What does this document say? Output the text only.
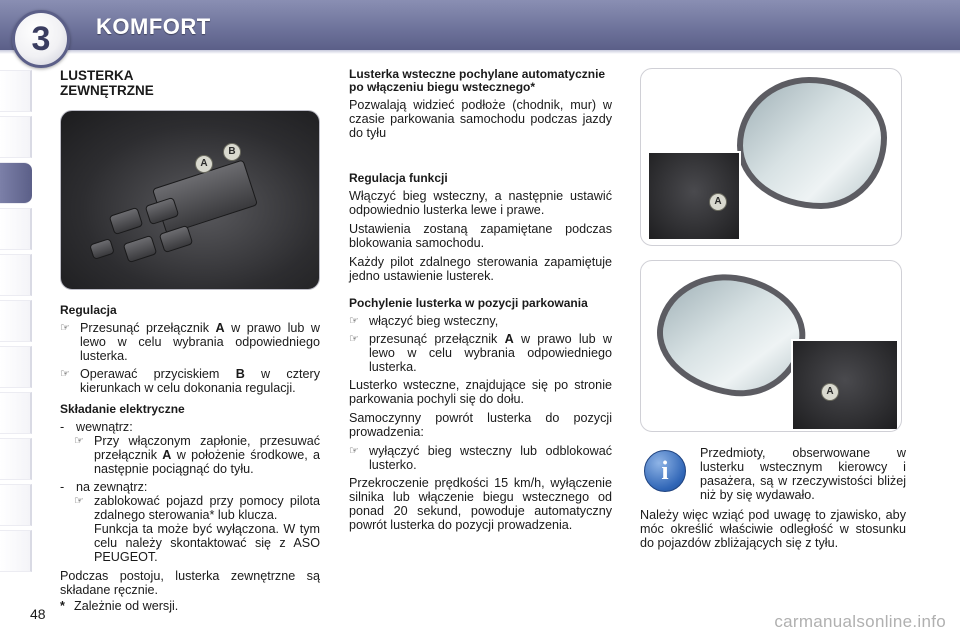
3 KOMFORT
LUSTERKA
ZEWNĘTRZNE
A
B
Regulacja
☞ Przesunąć przełącznik A w prawo lub w lewo w celu wybrania odpowiedniego lusterka.
☞ Operawać przyciskiem B w cztery kierunkach w celu dokonania regulacji.
Składanie elektryczne
- wewnątrz:
☞ Przy włączonym zapłonie, przesuwać przełącznik A w położenie środkowe, a następnie pociągnąć do tyłu.
- na zewnątrz:
☞ zablokować pojazd przy pomocy pilota zdalnego sterowania* lub klucza.
Funkcja ta może być wyłączona. W tym celu należy skontaktować się z ASO PEUGEOT.
Podczas postoju, lusterka zewnętrzne są składane ręcznie.
* Zależnie od wersji.
Lusterka wsteczne pochylane automatycznie po włączeniu biegu wstecznego*
Pozwalają widzieć podłoże (chodnik, mur) w czasie parkowania samochodu podczas jazdy do tyłu
Regulacja funkcji
Włączyć bieg wsteczny, a następnie ustawić odpowiednio lusterka lewe i prawe.
Ustawienia zostaną zapamiętane podczas blokowania samochodu.
Każdy pilot zdalnego sterowania zapamiętuje jedno ustawienie lusterek.
Pochylenie lusterka w pozycji parkowania
☞ włączyć bieg wsteczny,
☞ przesunąć przełącznik A w prawo lub w lewo w celu wybrania odpowiedniego lusterka.
Lusterko wsteczne, znajdujące się po stronie parkowania pochyli się do dołu.
Samoczynny powrót lusterka do pozycji prowadzenia:
☞ wyłączyć bieg wsteczny lub odblokować lusterko.
Przekroczenie prędkości 15 km/h, wyłączenie silnika lub włączenie biegu wstecznego od ponad 20 sekund, powoduje automatyczny powrót lusterka do pozycji prowadzenia.
A
A
i
Przedmioty, obserwowane w lusterku wstecznym kierowcy i pasażera, są w rzeczywistości bliżej niż by się wydawało.
Należy więc wziąć pod uwagę to zjawisko, aby móc określić właściwie odległość w stosunku do pojazdów zbliżających się z tyłu.
48	carmanualsonline.info
